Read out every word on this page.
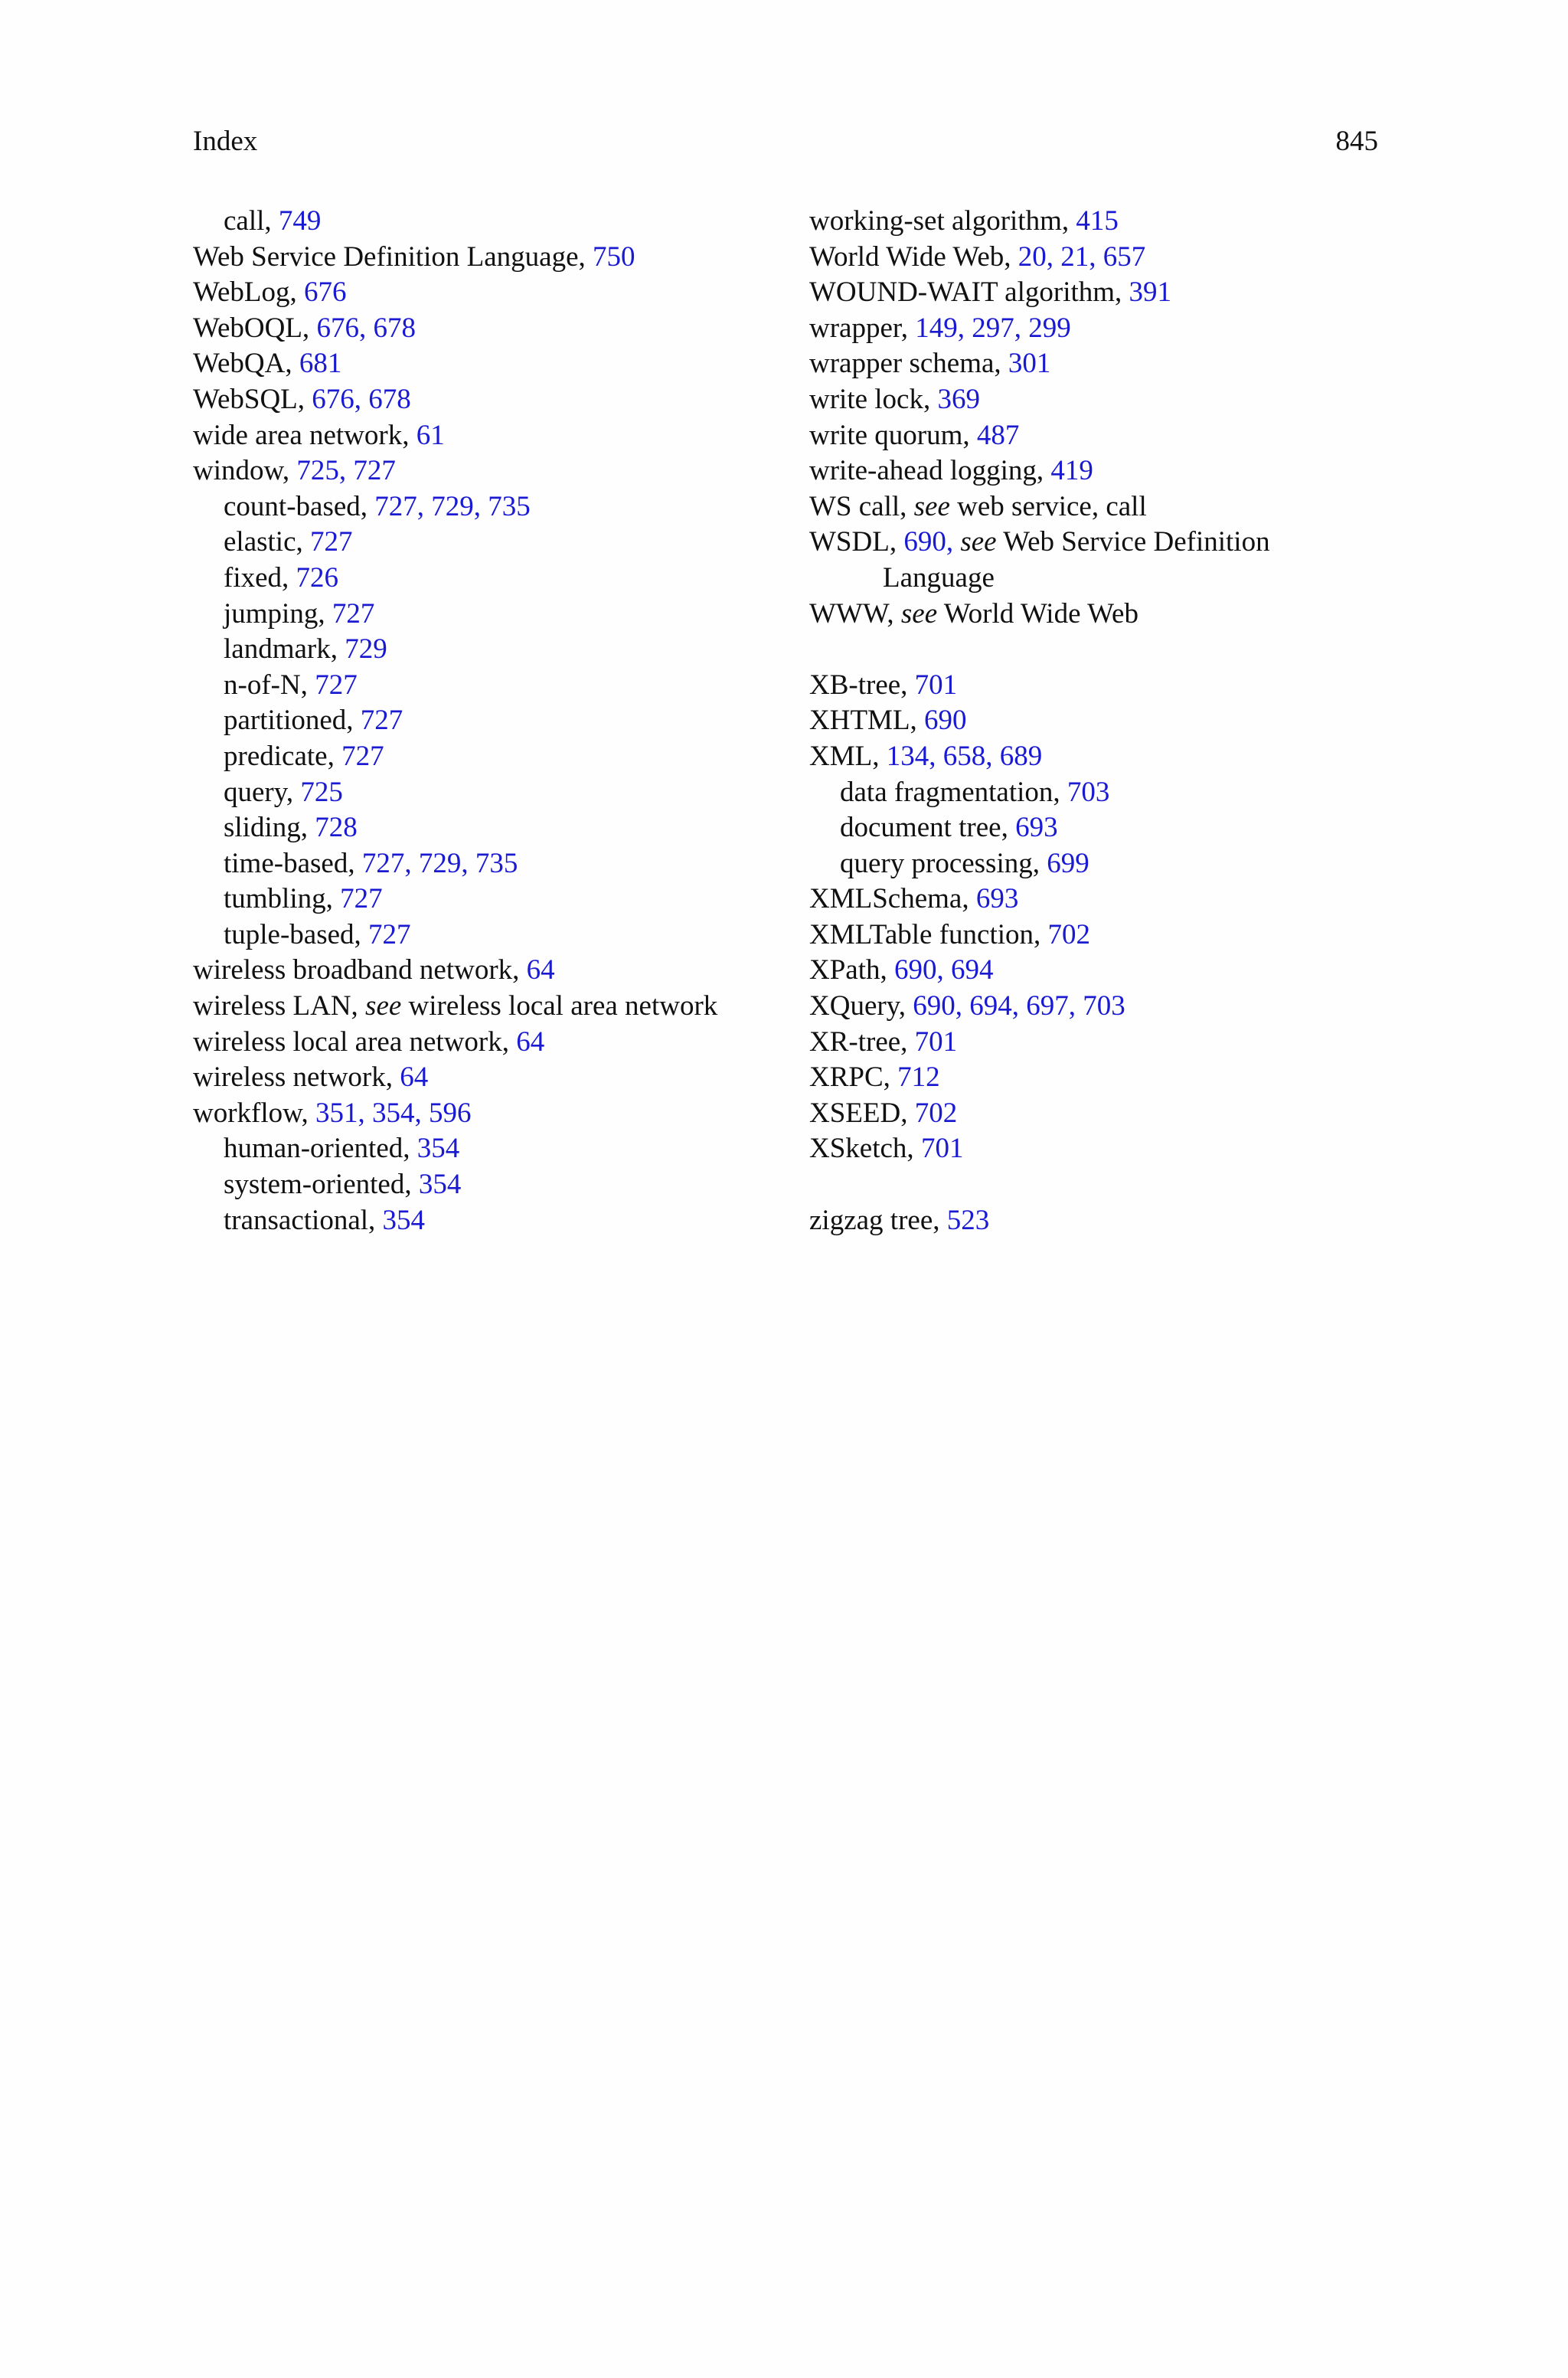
Index	845
call, 749
Web Service Definition Language, 750
WebLog, 676
WebOQL, 676, 678
WebQA, 681
WebSQL, 676, 678
wide area network, 61
window, 725, 727
count-based, 727, 729, 735
elastic, 727
fixed, 726
jumping, 727
landmark, 729
n-of-N, 727
partitioned, 727
predicate, 727
query, 725
sliding, 728
time-based, 727, 729, 735
tumbling, 727
tuple-based, 727
wireless broadband network, 64
wireless LAN, see wireless local area network
wireless local area network, 64
wireless network, 64
workflow, 351, 354, 596
human-oriented, 354
system-oriented, 354
transactional, 354
working-set algorithm, 415
World Wide Web, 20, 21, 657
WOUND-WAIT algorithm, 391
wrapper, 149, 297, 299
wrapper schema, 301
write lock, 369
write quorum, 487
write-ahead logging, 419
WS call, see web service, call
WSDL, 690, see Web Service Definition
Language
WWW, see World Wide Web
XB-tree, 701
XHTML, 690
XML, 134, 658, 689
data fragmentation, 703
document tree, 693
query processing, 699
XMLSchema, 693
XMLTable function, 702
XPath, 690, 694
XQuery, 690, 694, 697, 703
XR-tree, 701
XRPC, 712
XSEED, 702
XSketch, 701
zigzag tree, 523
